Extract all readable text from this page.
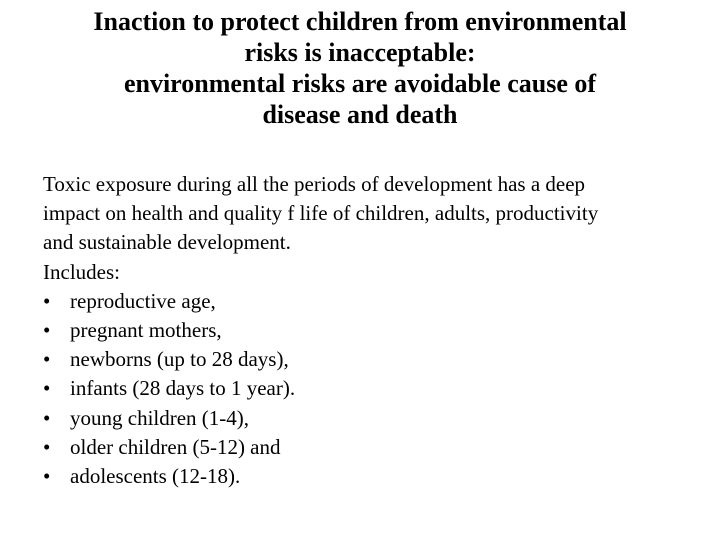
Inaction to protect children from environmental
risks is inacceptable:
environmental risks are avoidable cause of
disease and death

Toxic exposure during all the periods of development has a deep
impact on health and quality f life of children, adults, productivity
and sustainable development.

Includes:

• reproductive age,
• pregnant mothers,
• newborns (up to 28 days),
• infants (28 days to 1 year).
• young children (1-4),
• older children (5-12) and
• adolescents (12-18).
